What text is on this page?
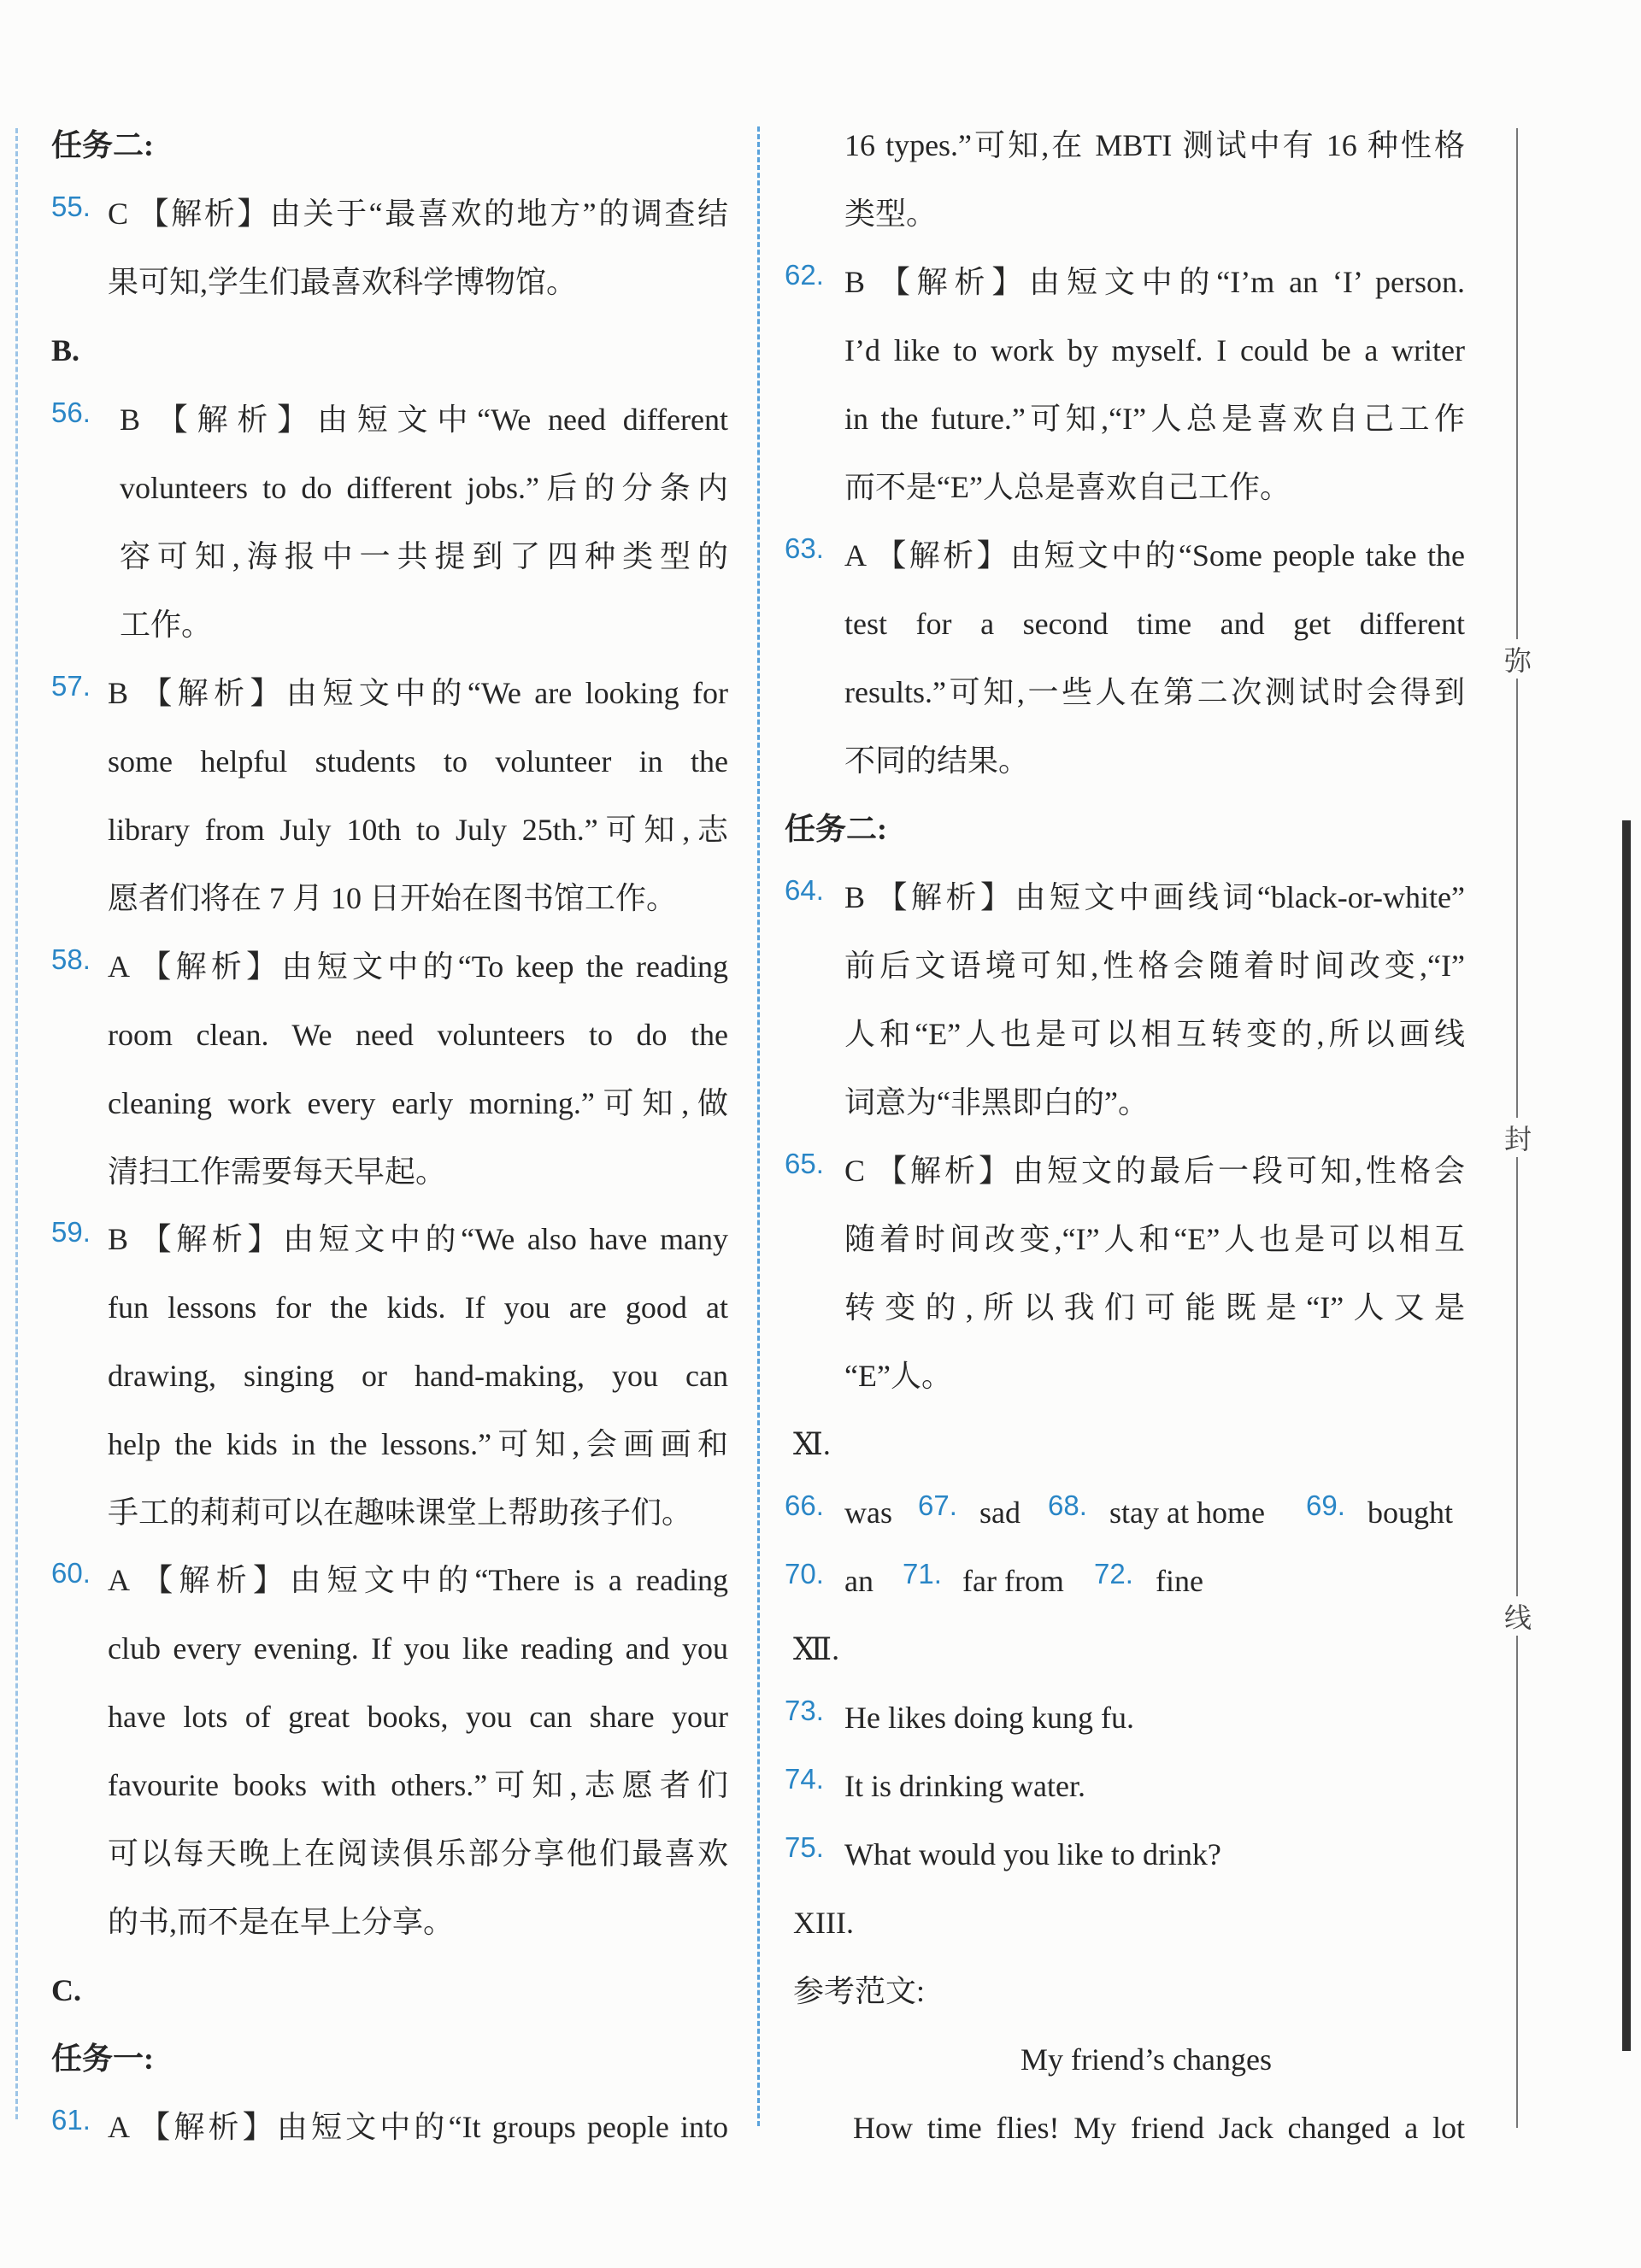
弥
封
线
任务二:
55. C 【解析】由关于“最喜欢的地方”的调查结
果可知,学生们最喜欢科学博物馆。
B.
56. B 【解析】由短文中“We need different
volunteers to do different jobs.”后的分条内
容可知,海报中一共提到了四种类型的
工作。
57. B 【解析】由短文中的“We are looking for
some helpful students to volunteer in the
library from July 10th to July 25th.”可知,志
愿者们将在 7 月 10 日开始在图书馆工作。
58. A 【解析】由短文中的“To keep the reading
room clean. We need volunteers to do the
cleaning work every early morning.”可知,做
清扫工作需要每天早起。
59. B 【解析】由短文中的“We also have many
fun lessons for the kids. If you are good at
drawing, singing or hand-making, you can
help the kids in the lessons.”可知,会画画和
手工的莉莉可以在趣味课堂上帮助孩子们。
60. A 【解析】由短文中的“There is a reading
club every evening. If you like reading and you
have lots of great books, you can share your
favourite books with others.”可知,志愿者们
可以每天晚上在阅读俱乐部分享他们最喜欢
的书,而不是在早上分享。
C.
任务一:
61. A 【解析】由短文中的“It groups people into
16 types.”可知,在 MBTI 测试中有 16 种性格
类型。
62. B 【解析】由短文中的“I’m an ‘I’ person.
I’d like to work by myself. I could be a writer
in the future.”可知,“I”人总是喜欢自己工作
而不是“E”人总是喜欢自己工作。
63. A 【解析】由短文中的“Some people take the
test for a second time and get different
results.”可知,一些人在第二次测试时会得到
不同的结果。
任务二:
64. B 【解析】由短文中画线词“black-or-white”
前后文语境可知,性格会随着时间改变,“I”
人和“E”人也是可以相互转变的,所以画线
词意为“非黑即白的”。
65. C 【解析】由短文的最后一段可知,性格会
随着时间改变,“I”人和“E”人也是可以相互
转变的,所以我们可能既是“I”人又是
“E”人。
Ⅺ.
66. was 67. sad 68. stay at home 69. bought
70. an 71. far from 72. fine
Ⅻ.
73. He likes doing kung fu.
74. It is drinking water.
75. What would you like to drink?
XIII.
参考范文:
My friend’s changes
How time flies! My friend Jack changed a lot
